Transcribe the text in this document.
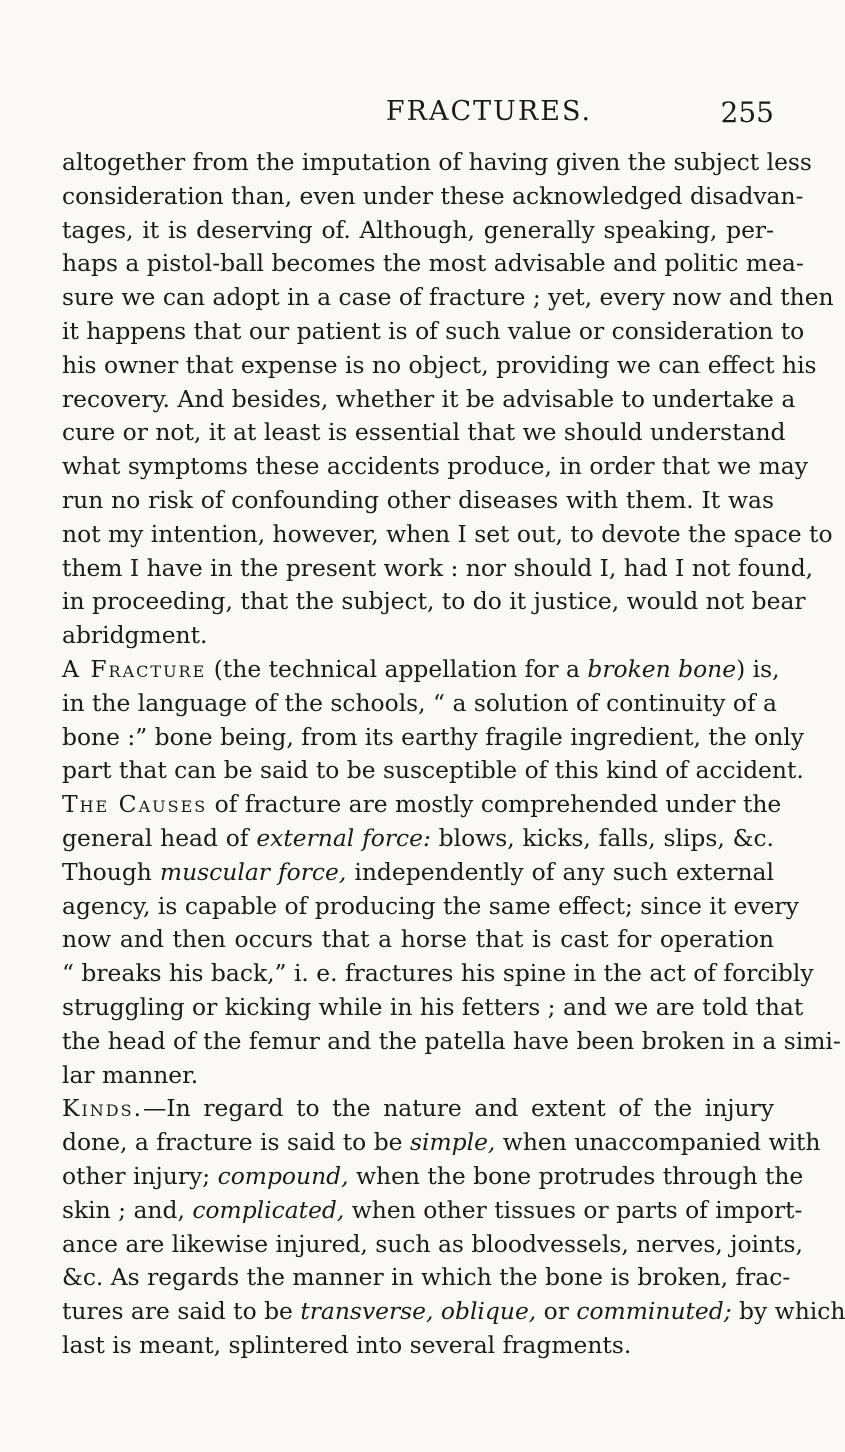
FRACTURES.	255
altogether from the imputation of having given the subject less
consideration than, even under these acknowledged disadvan-
tages, it is deserving of. Although, generally speaking, per-
haps a pistol-ball becomes the most advisable and politic mea-
sure we can adopt in a case of fracture ; yet, every now and then
it happens that our patient is of such value or consideration to
his owner that expense is no object, providing we can effect his
recovery. And besides, whether it be advisable to undertake a
cure or not, it at least is essential that we should understand
what symptoms these accidents produce, in order that we may
run no risk of confounding other diseases with them. It was
not my intention, however, when I set out, to devote the space to
them I have in the present work : nor should I, had I not found,
in proceeding, that the subject, to do it justice, would not bear
abridgment.
A Fracture (the technical appellation for a broken bone) is,
in the language of the schools, “ a solution of continuity of a
bone :” bone being, from its earthy fragile ingredient, the only
part that can be said to be susceptible of this kind of accident.
The Causes of fracture are mostly comprehended under the
general head of external force: blows, kicks, falls, slips, &c.
Though muscular force, independently of any such external
agency, is capable of producing the same effect; since it every
now and then occurs that a horse that is cast for operation
“ breaks his back,” i. e. fractures his spine in the act of forcibly
struggling or kicking while in his fetters ; and we are told that
the head of the femur and the patella have been broken in a simi-
lar manner.
Kinds.—In regard to the nature and extent of the injury
done, a fracture is said to be simple, when unaccompanied with
other injury; compound, when the bone protrudes through the
skin ; and, complicated, when other tissues or parts of import-
ance are likewise injured, such as bloodvessels, nerves, joints,
&c. As regards the manner in which the bone is broken, frac-
tures are said to be transverse, oblique, or comminuted; by which
last is meant, splintered into several fragments.
